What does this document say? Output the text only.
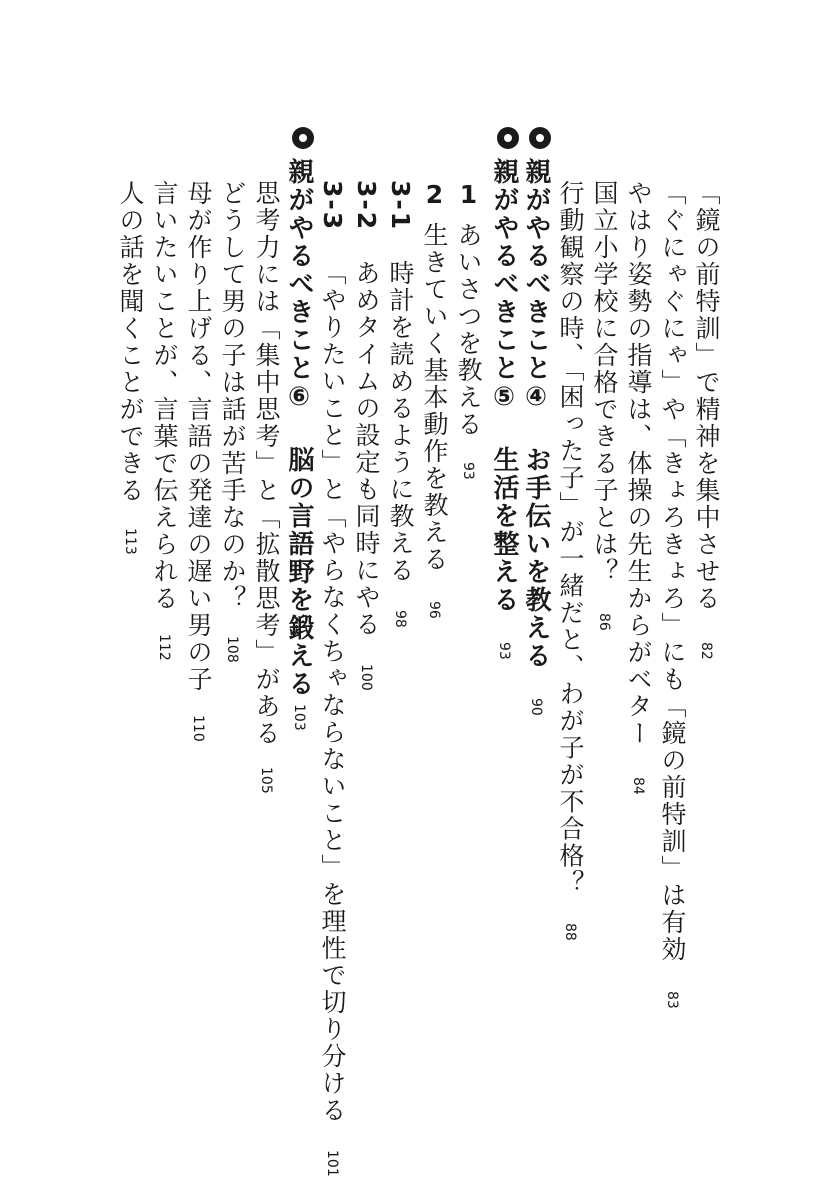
「鏡の前特訓」で精神を集中させる82
「ぐにゃぐにゃ」や「きょろきょろ」にも「鏡の前特訓」は有効83
やはり姿勢の指導は、体操の先生からがベター84
国立小学校に合格できる子とは？86
行動観察の時、「困った子」が一緒だと、わが子が不合格？88
親がやるべきこと④ お手伝いを教える90
親がやるべきこと⑤ 生活を整える93
1あいさつを教える93
2生きていく基本動作を教える96
3-1時計を読めるように教える98
3-2あめタイムの設定も同時にやる100
3-3「やりたいこと」と「やらなくちゃならないこと」を理性で切り分ける101
親がやるべきこと⑥ 脳の言語野を鍛える103
思考力には「集中思考」と「拡散思考」がある105
どうして男の子は話が苦手なのか？108
母が作り上げる、言語の発達の遅い男の子110
言いたいことが、言葉で伝えられる112
人の話を聞くことができる113
